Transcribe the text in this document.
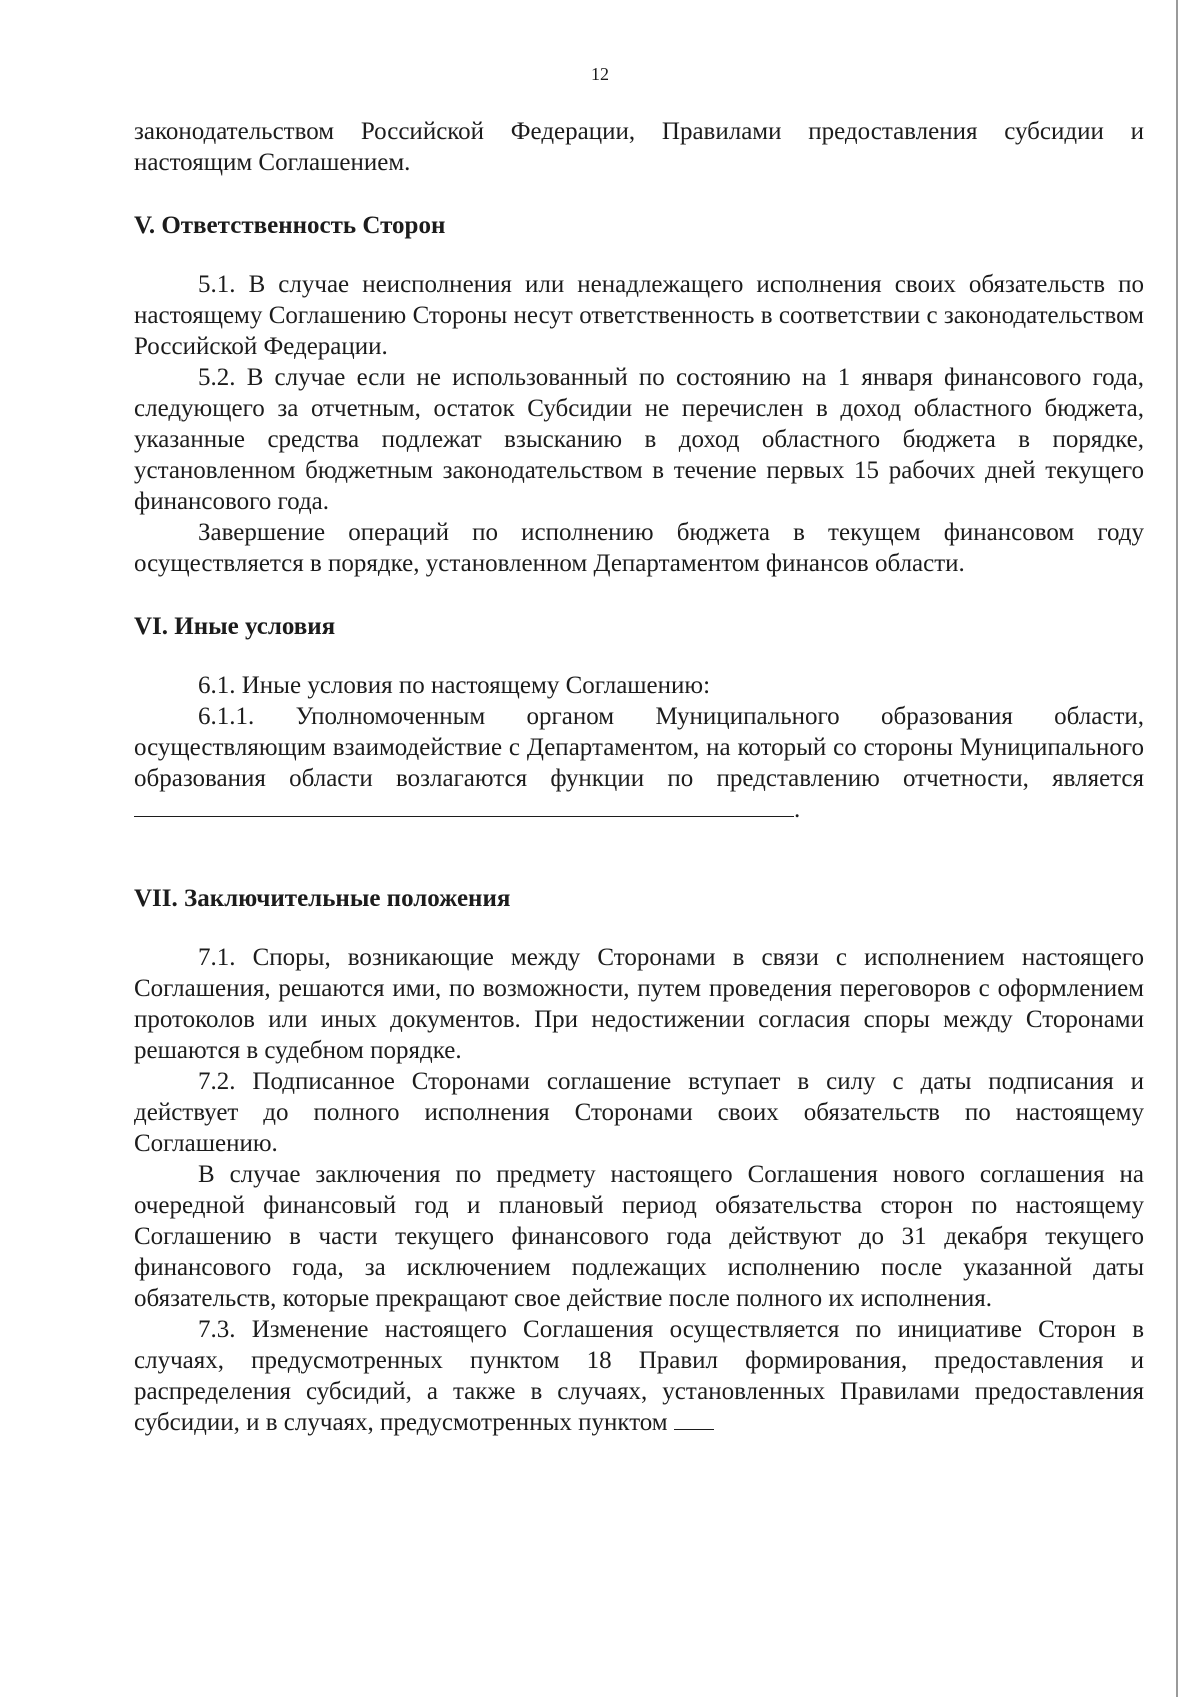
12

законодательством Российской Федерации, Правилами предоставления субсидии и настоящим Соглашением.

V. Ответственность Сторон

5.1. В случае неисполнения или ненадлежащего исполнения своих обязательств по настоящему Соглашению Стороны несут ответственность в соответствии с законодательством Российской Федерации.

5.2. В случае если не использованный по состоянию на 1 января финансового года, следующего за отчетным, остаток Субсидии не перечислен в доход областного бюджета, указанные средства подлежат взысканию в доход областного бюджета в порядке, установленном бюджетным законодательством в течение первых 15 рабочих дней текущего финансового года.

Завершение операций по исполнению бюджета в текущем финансовом году осуществляется в порядке, установленном Департаментом финансов области.

VI. Иные условия

6.1. Иные условия по настоящему Соглашению:

6.1.1. Уполномоченным органом Муниципального образования области, осуществляющим взаимодействие с Департаментом, на который со стороны Муниципального образования области возлагаются функции по представлению отчетности, является .

VII. Заключительные положения

7.1. Споры, возникающие между Сторонами в связи с исполнением настоящего Соглашения, решаются ими, по возможности, путем проведения переговоров с оформлением протоколов или иных документов. При недостижении согласия споры между Сторонами решаются в судебном порядке.

7.2. Подписанное Сторонами соглашение вступает в силу с даты подписания и действует до полного исполнения Сторонами своих обязательств по настоящему Соглашению.

В случае заключения по предмету настоящего Соглашения нового соглашения на очередной финансовый год и плановый период обязательства сторон по настоящему Соглашению в части текущего финансового года действуют до 31 декабря текущего финансового года, за исключением подлежащих исполнению после указанной даты обязательств, которые прекращают свое действие после полного их исполнения.

7.3. Изменение настоящего Соглашения осуществляется по инициативе Сторон в случаях, предусмотренных пунктом 18 Правил формирования, предоставления и распределения субсидий, а также в случаях, установленных Правилами предоставления субсидии, и в случаях, предусмотренных пунктом
